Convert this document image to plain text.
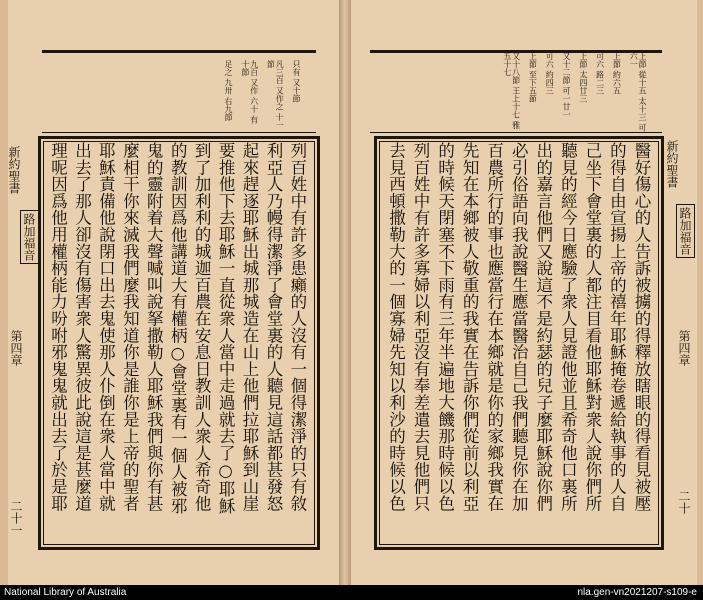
只有 又十節
凡三百 又作之 十一節
九百 又作 六十 有十節
足之 九卅 右九節
列百姓中有許多患癩的人沒有一個得潔淨的只有敘
利亞人乃幔得潔淨了會堂裏的人聽見這話都甚發怒
起來趕逐耶穌出城那城造在山上他們拉耶穌到山崖
要推他下去耶穌一直從衆人當中走過就去了○耶穌
到了加利利的城迦百農在安息日教訓人衆人希奇他
的教訓因爲他講道大有權柄○會堂裏有一個人被邪
鬼的靈附着大聲喊叫說拏撒勒人耶穌我們與你有甚
麼相干你來滅我們麼我知道你是誰你是上帝的聖者
耶穌責備他說閉口出去鬼使那人仆倒在衆人當中就
出去了那人卻沒有傷害衆人驚異彼此說這是甚麼道
理呢因爲他用權柄能力吩咐邪鬼鬼就出去了於是耶
新約聖書
路加福音
第四章
二十一
上節 從十五 太十三 可六一
上節 約六五
可六 路二三
上節 太四廿三
又十二節 可一廿一
可六 約四三
上節 至下五節
又十八節 王上十七 雅五十七
醫好傷心的人告訴被擄的得釋放瞎眼的得看見被壓
的得自由宣揚上帝的禧年耶穌掩卷遞給執事的人自
己坐下會堂裏的人都注目看他耶穌對衆人說你們所
聽見的經今日應驗了衆人見證他並且希奇他口裏所
出的嘉言他們又說這不是約瑟的兒子麼耶穌說你們
必引俗語向我說醫生應當醫治自己我們聽見你在加
百農所行的事也應當行在本鄉就是你的家鄉我實在
先知在本鄉被人敬重的我實在告訴你們從前以利亞
的時候天閉塞不下雨有三年半遍地大饑那時候以色
列百姓中有許多寡婦以利亞沒有奉差遣去見他們只
去見西頓撒勒大的一個寡婦先知以利沙的時候以色	新約聖書
路加福音
第四章
二十
National Library of Australia	nla.gen-vn2021207-s109-e
